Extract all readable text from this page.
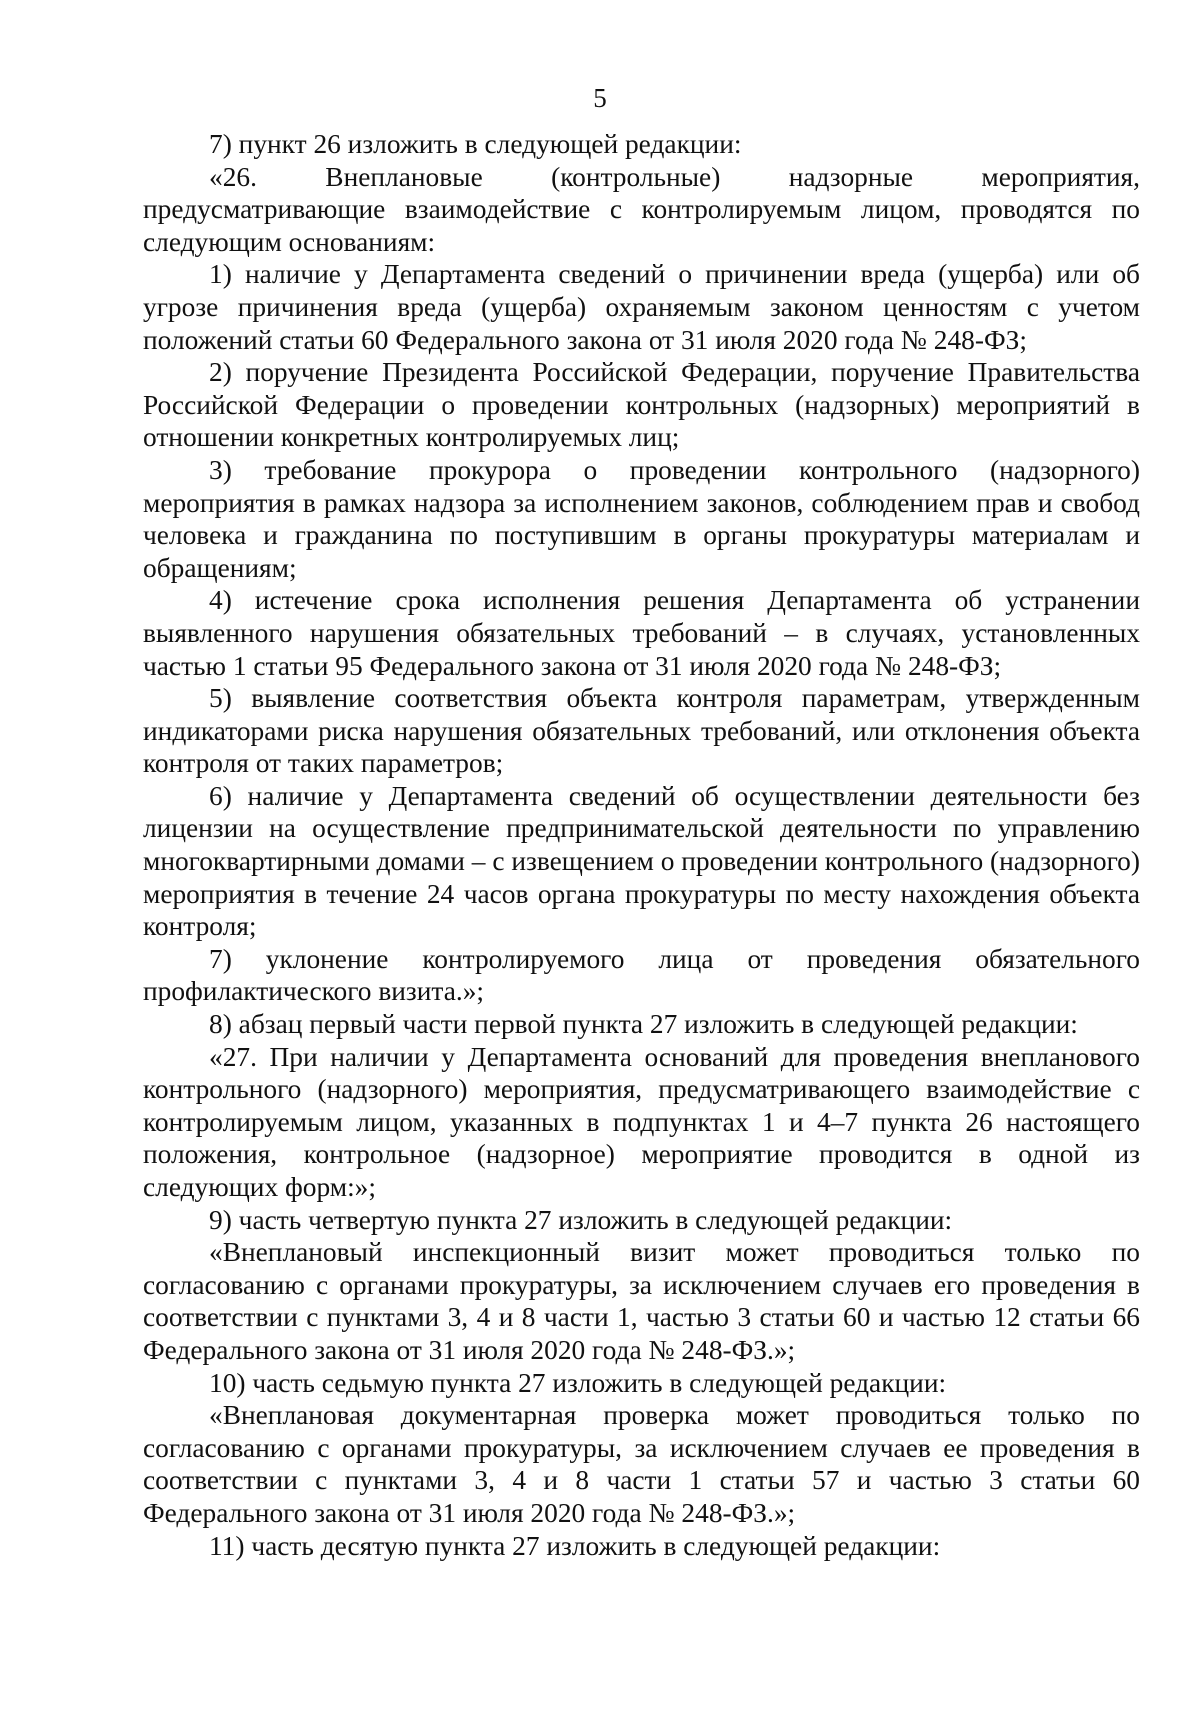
5

7) пункт 26 изложить в следующей редакции:

«26. Внеплановые (контрольные) надзорные мероприятия, предусматривающие взаимодействие с контролируемым лицом, проводятся по следующим основаниям:

1) наличие у Департамента сведений о причинении вреда (ущерба) или об угрозе причинения вреда (ущерба) охраняемым законом ценностям с учетом положений статьи 60 Федерального закона от 31 июля 2020 года № 248-ФЗ;

2) поручение Президента Российской Федерации, поручение Правительства Российской Федерации о проведении контрольных (надзорных) мероприятий в отношении конкретных контролируемых лиц;

3) требование прокурора о проведении контрольного (надзорного) мероприятия в рамках надзора за исполнением законов, соблюдением прав и свобод человека и гражданина по поступившим в органы прокуратуры материалам и обращениям;

4) истечение срока исполнения решения Департамента об устранении выявленного нарушения обязательных требований – в случаях, установленных частью 1 статьи 95 Федерального закона от 31 июля 2020 года № 248-ФЗ;

5) выявление соответствия объекта контроля параметрам, утвержденным индикаторами риска нарушения обязательных требований, или отклонения объекта контроля от таких параметров;

6) наличие у Департамента сведений об осуществлении деятельности без лицензии на осуществление предпринимательской деятельности по управлению многоквартирными домами – с извещением о проведении контрольного (надзорного) мероприятия в течение 24 часов органа прокуратуры по месту нахождения объекта контроля;

7) уклонение контролируемого лица от проведения обязательного профилактического визита.»;

8) абзац первый части первой пункта 27 изложить в следующей редакции:

«27. При наличии у Департамента оснований для проведения внепланового контрольного (надзорного) мероприятия, предусматривающего взаимодействие с контролируемым лицом, указанных в подпунктах 1 и 4–7 пункта 26 настоящего положения, контрольное (надзорное) мероприятие проводится в одной из следующих форм:»;

9) часть четвертую пункта 27 изложить в следующей редакции:

«Внеплановый инспекционный визит может проводиться только по согласованию с органами прокуратуры, за исключением случаев его проведения в соответствии с пунктами 3, 4 и 8 части 1, частью 3 статьи 60 и частью 12 статьи 66 Федерального закона от 31 июля 2020 года № 248-ФЗ.»;

10) часть седьмую пункта 27 изложить в следующей редакции:

«Внеплановая документарная проверка может проводиться только по согласованию с органами прокуратуры, за исключением случаев ее проведения в соответствии с пунктами 3, 4 и 8 части 1 статьи 57 и частью 3 статьи 60 Федерального закона от 31 июля 2020 года № 248-ФЗ.»;

11) часть десятую пункта 27 изложить в следующей редакции:
